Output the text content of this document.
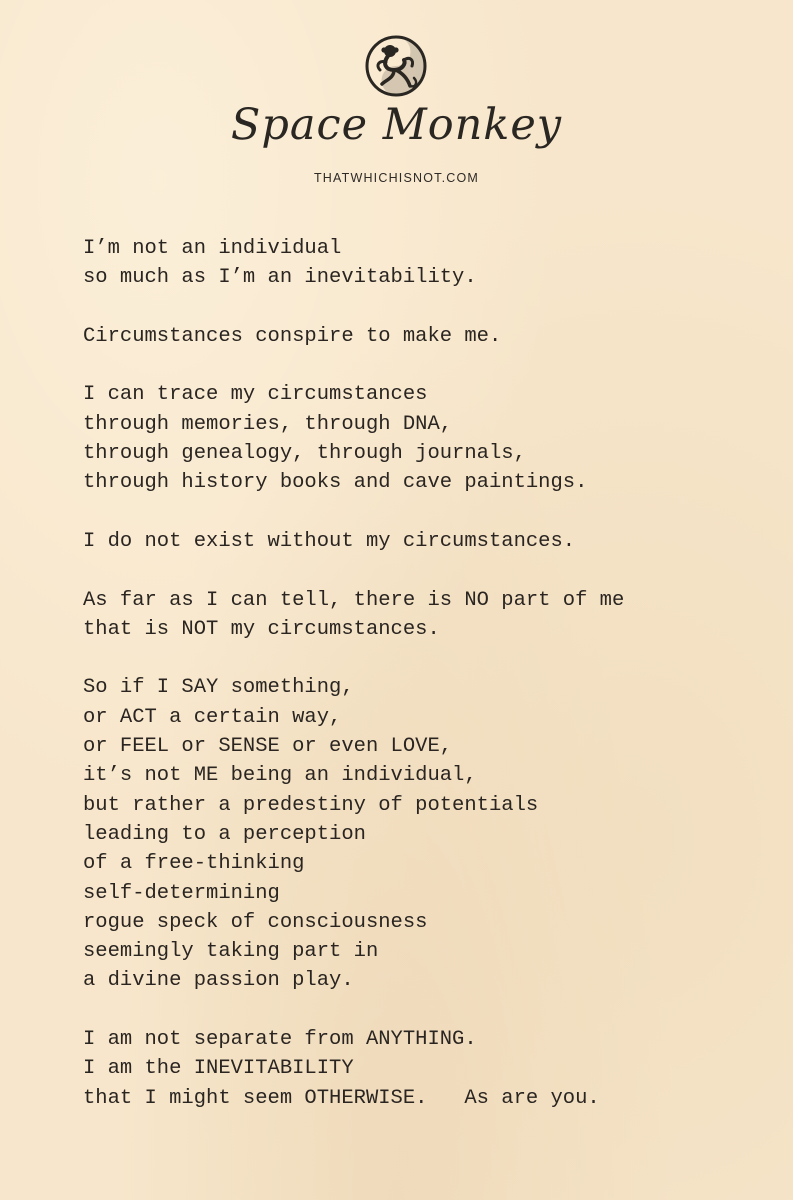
Space Monkey
THATWHICHISNOT.COM
I’m not an individual
so much as I’m an inevitability.
Circumstances conspire to make me.
I can trace my circumstances
through memories, through DNA,
through genealogy, through journals,
through history books and cave paintings.
I do not exist without my circumstances.
As far as I can tell, there is NO part of me
that is NOT my circumstances.
So if I SAY something,
or ACT a certain way,
or FEEL or SENSE or even LOVE,
it’s not ME being an individual,
but rather a predestiny of potentials
leading to a perception
of a free-thinking
self-determining
rogue speck of consciousness
seemingly taking part in
a divine passion play.
I am not separate from ANYTHING.
I am the INEVITABILITY
that I might seem OTHERWISE.   As are you.
